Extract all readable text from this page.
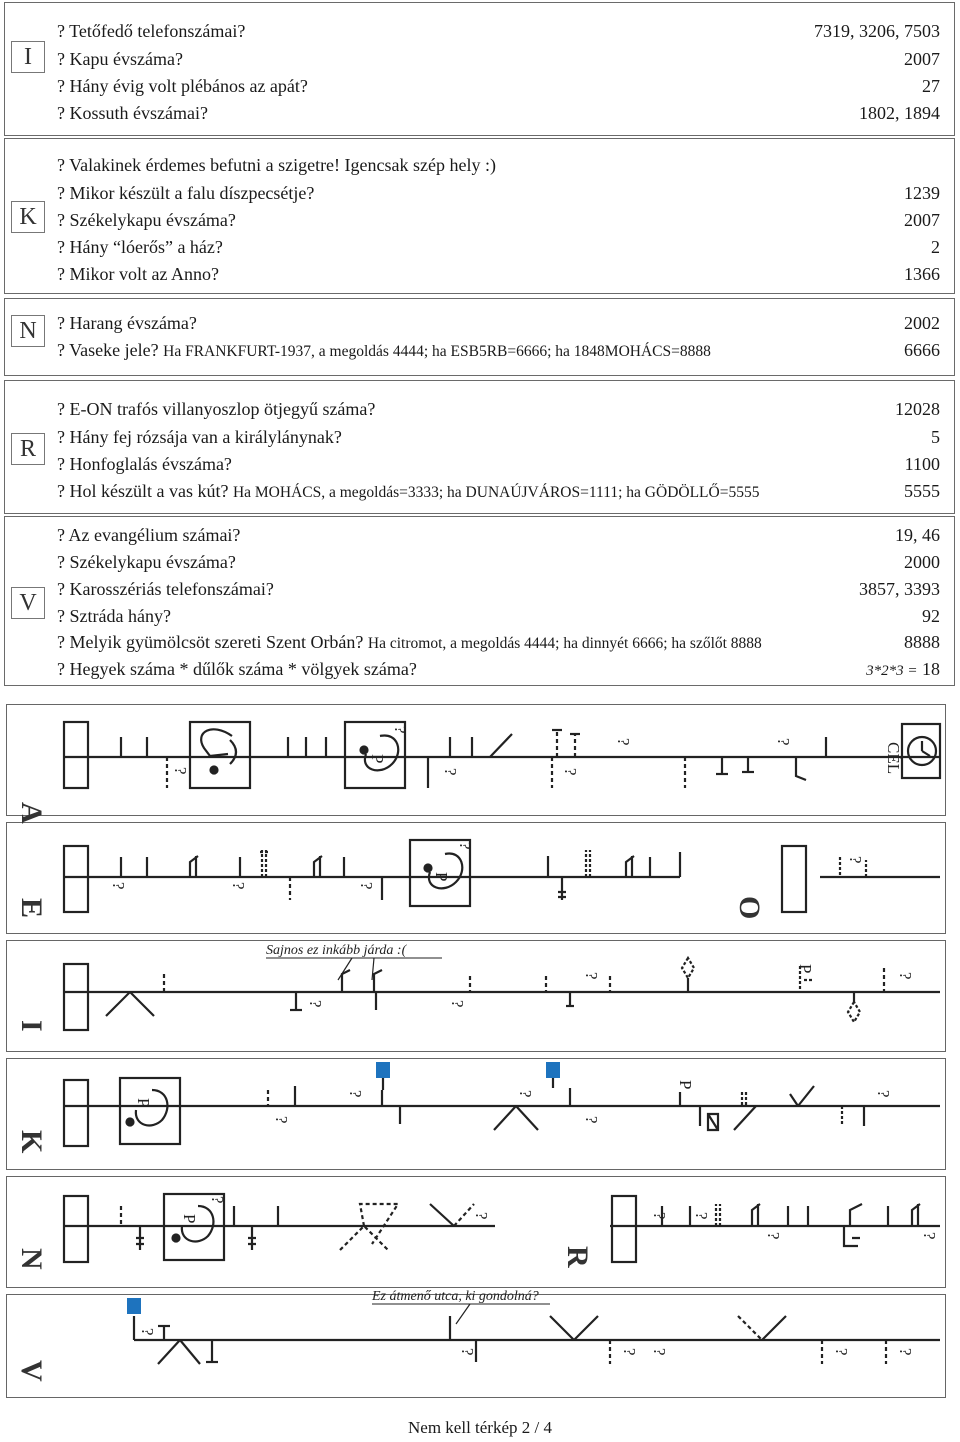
I
? Tetőfedő telefonszámai?	7319, 3206, 7503
? Kapu évszáma?	2007
? Hány évig volt plébános az apát?	27
? Kossuth évszámai?	1802, 1894
K
? Valakinek érdemes befutni a szigetre! Igencsak szép hely :)
? Mikor készült a falu díszpecsétje?	1239
? Székelykapu évszáma?	2007
? Hány “lóerős” a ház?	2
? Mikor volt az Anno?	1366
N	? Harang évszáma?	2002
? Vaseke jele? Ha FRANKFURT-1937, a megoldás 4444; ha ESB5RB=6666; ha 1848MOHÁCS=8888	6666
R
? E-ON trafós villanyoszlop ötjegyű száma?	12028
? Hány fej rózsája van a királylánynak?	5
? Honfoglalás évszáma?	1100
? Hol készült a vas kút? Ha MOHÁCS, a megoldás=3333; ha DUNAÚJVÁROS=1111; ha GÖDÖLLŐ=5555	5555
V
? Az evangélium számai?	19, 46
? Székelykapu évszáma?	2000
? Karosszériás telefonszámai?	3857, 3393
? Sztráda hány?	92
? Melyik gyümölcsöt szereti Szent Orbán? Ha citromot, a megoldás 4444; ha dinnyét 6666; ha szőlőt 8888	8888
? Hegyek száma * dűlők száma * völgyek száma?	3*2*3 = 18
A
P	CÉL
?	?
?
?
?	?
E
P
O
?	?	?
?
?
I
Sajnos ez inkább járda :(
?	?
?	?
P
K
P
?
?
?
?	?
P
N
P
R
?
?	? ?
?	?
V
Ez átmenő utca, ki gondolná?
?
?	? ?	?	?
Nem kell térkép 2 / 4
